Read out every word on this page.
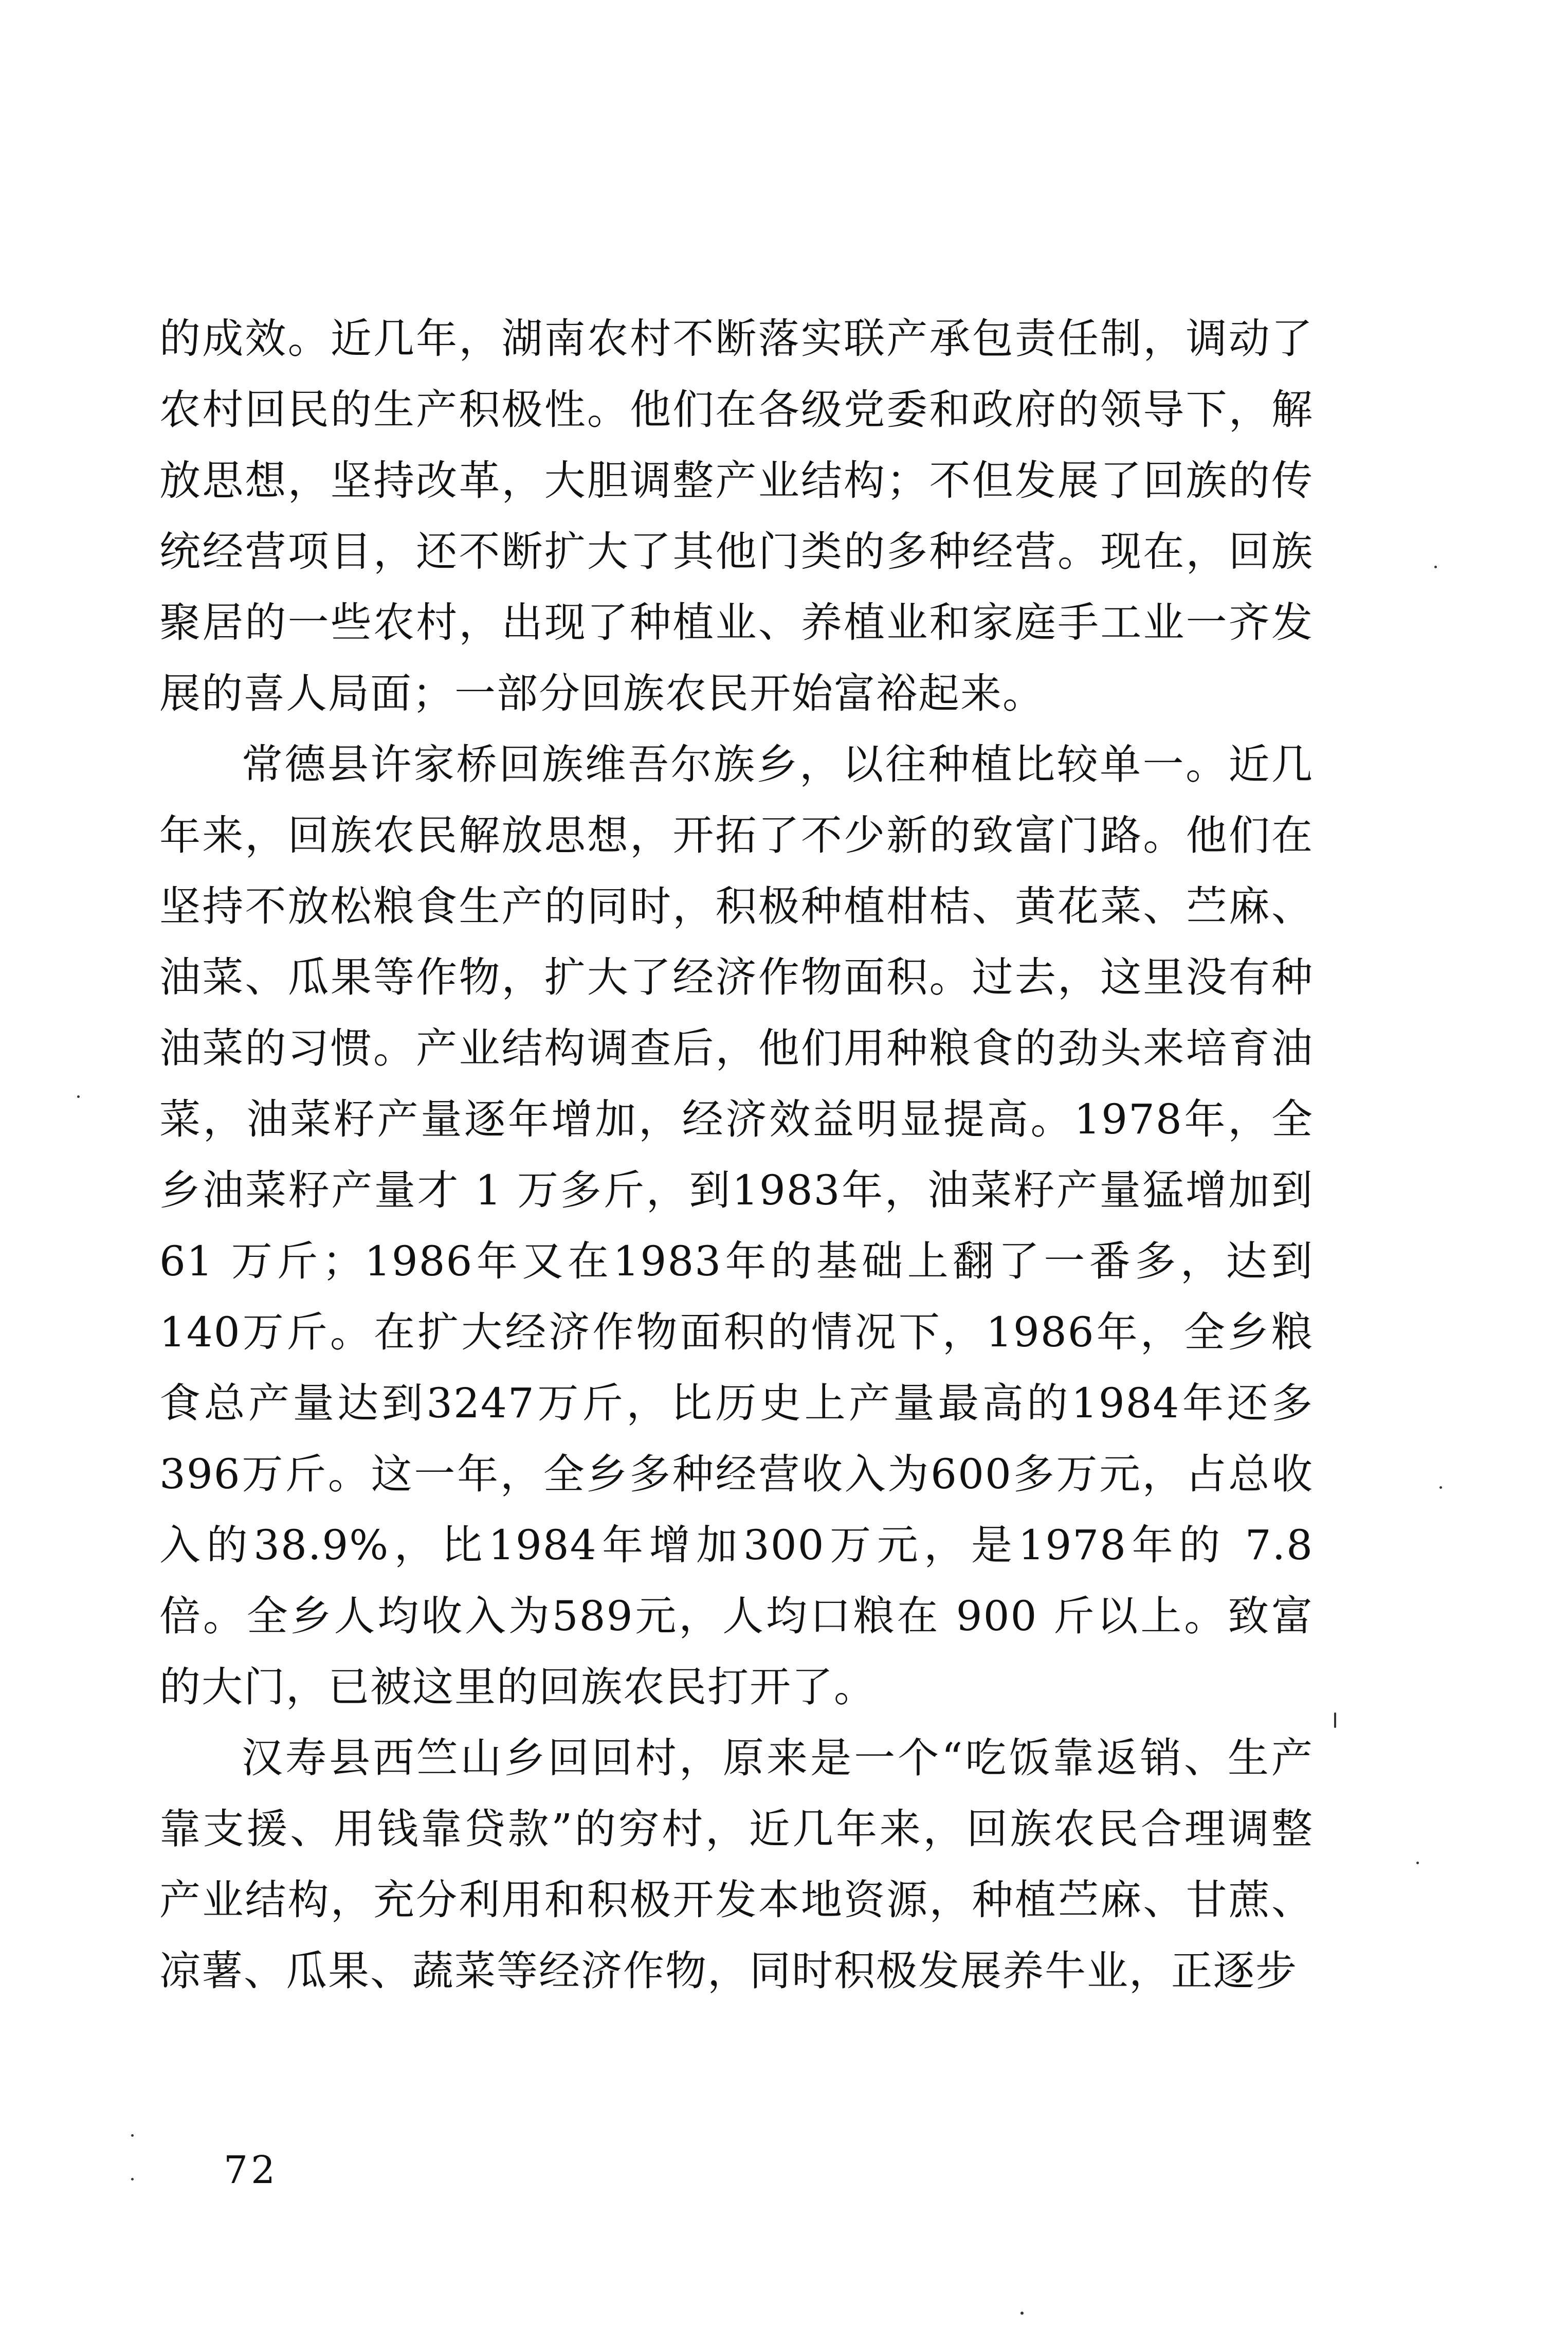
的成效。近几年，湖南农村不断落实联产承包责任制，调动了农村回民的生产积极性。他们在各级党委和政府的领导下，解放思想，坚持改革，大胆调整产业结构；不但发展了回族的传统经营项目，还不断扩大了其他门类的多种经营。现在，回族聚居的一些农村，出现了种植业、养植业和家庭手工业一齐发展的喜人局面；一部分回族农民开始富裕起来。

常德县许家桥回族维吾尔族乡，以往种植比较单一。近几年来，回族农民解放思想，开拓了不少新的致富门路。他们在坚持不放松粮食生产的同时，积极种植柑桔、黄花菜、苎麻、油菜、瓜果等作物，扩大了经济作物面积。过去，这里没有种油菜的习惯。产业结构调查后，他们用种粮食的劲头来培育油菜，油菜籽产量逐年增加，经济效益明显提高。1978年，全乡油菜籽产量才 1 万多斤，到1983年，油菜籽产量猛增加到 61 万斤；1986年又在1983年的基础上翻了一番多，达到140万斤。在扩大经济作物面积的情况下，1986年，全乡粮食总产量达到3247万斤，比历史上产量最高的1984年还多396万斤。这一年，全乡多种经营收入为600多万元，占总收入的38.9%，比1984年增加300万元，是1978年的 7.8 倍。全乡人均收入为589元，人均口粮在 900 斤以上。致富的大门，已被这里的回族农民打开了。

汉寿县西竺山乡回回村，原来是一个“吃饭靠返销、生产靠支援、用钱靠贷款”的穷村，近几年来，回族农民合理调整产业结构，充分利用和积极开发本地资源，种植苎麻、甘蔗、凉薯、瓜果、蔬菜等经济作物，同时积极发展养牛业，正逐步

72
